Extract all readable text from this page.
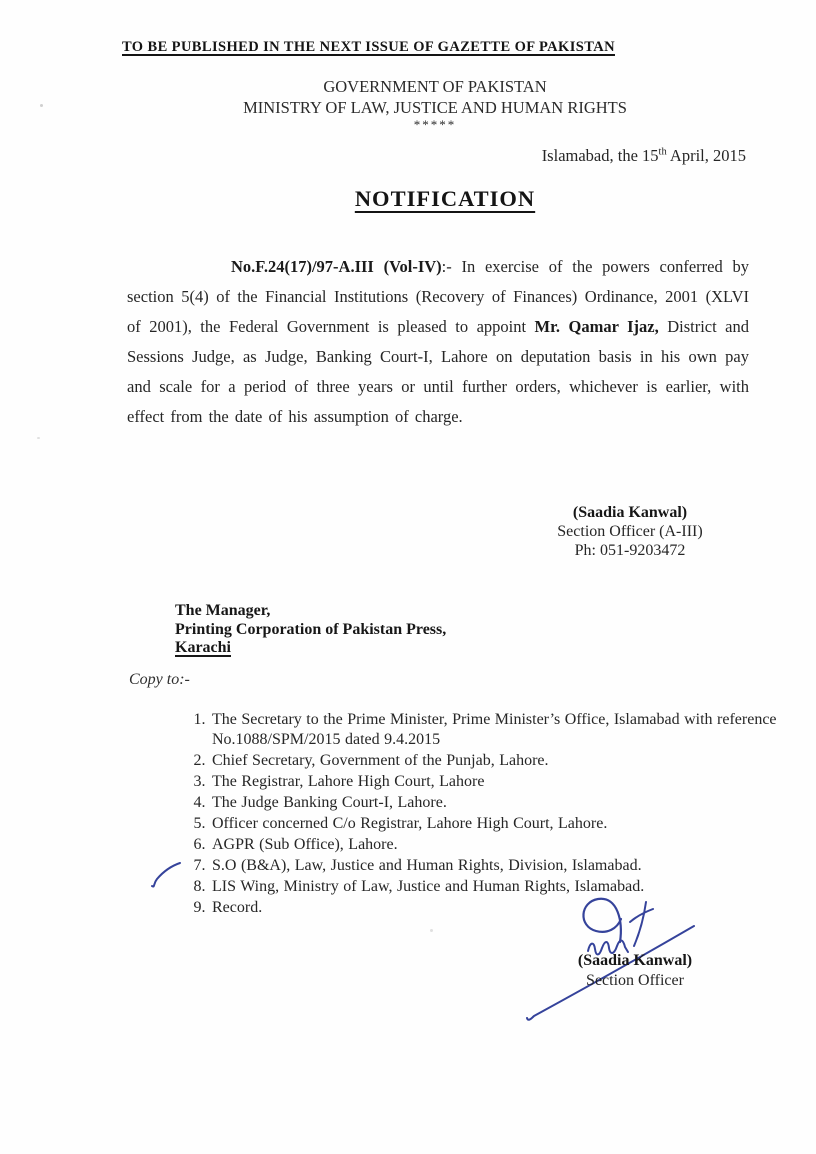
TO BE PUBLISHED IN THE NEXT ISSUE OF GAZETTE OF PAKISTAN
GOVERNMENT OF PAKISTAN
MINISTRY OF LAW, JUSTICE AND HUMAN RIGHTS
*****
Islamabad, the 15th April, 2015
NOTIFICATION
No.F.24(17)/97-A.III (Vol-IV):- In exercise of the powers conferred by section 5(4) of the Financial Institutions (Recovery of Finances) Ordinance, 2001 (XLVI of 2001), the Federal Government is pleased to appoint Mr. Qamar Ijaz, District and Sessions Judge, as Judge, Banking Court-I, Lahore on deputation basis in his own pay and scale for a period of three years or until further orders, whichever is earlier, with effect from the date of his assumption of charge.
(Saadia Kanwal)
Section Officer (A-III)
Ph: 051-9203472
The Manager,
Printing Corporation of Pakistan Press,
Karachi
Copy to:-
1. The Secretary to the Prime Minister, Prime Minister’s Office, Islamabad with reference No.1088/SPM/2015 dated 9.4.2015
2. Chief Secretary, Government of the Punjab, Lahore.
3. The Registrar, Lahore High Court, Lahore
4. The Judge Banking Court-I, Lahore.
5. Officer concerned C/o Registrar, Lahore High Court, Lahore.
6. AGPR (Sub Office), Lahore.
7. S.O (B&A), Law, Justice and Human Rights, Division, Islamabad.
8. LIS Wing, Ministry of Law, Justice and Human Rights, Islamabad.
9. Record.
(Saadia Kanwal)
Section Officer
